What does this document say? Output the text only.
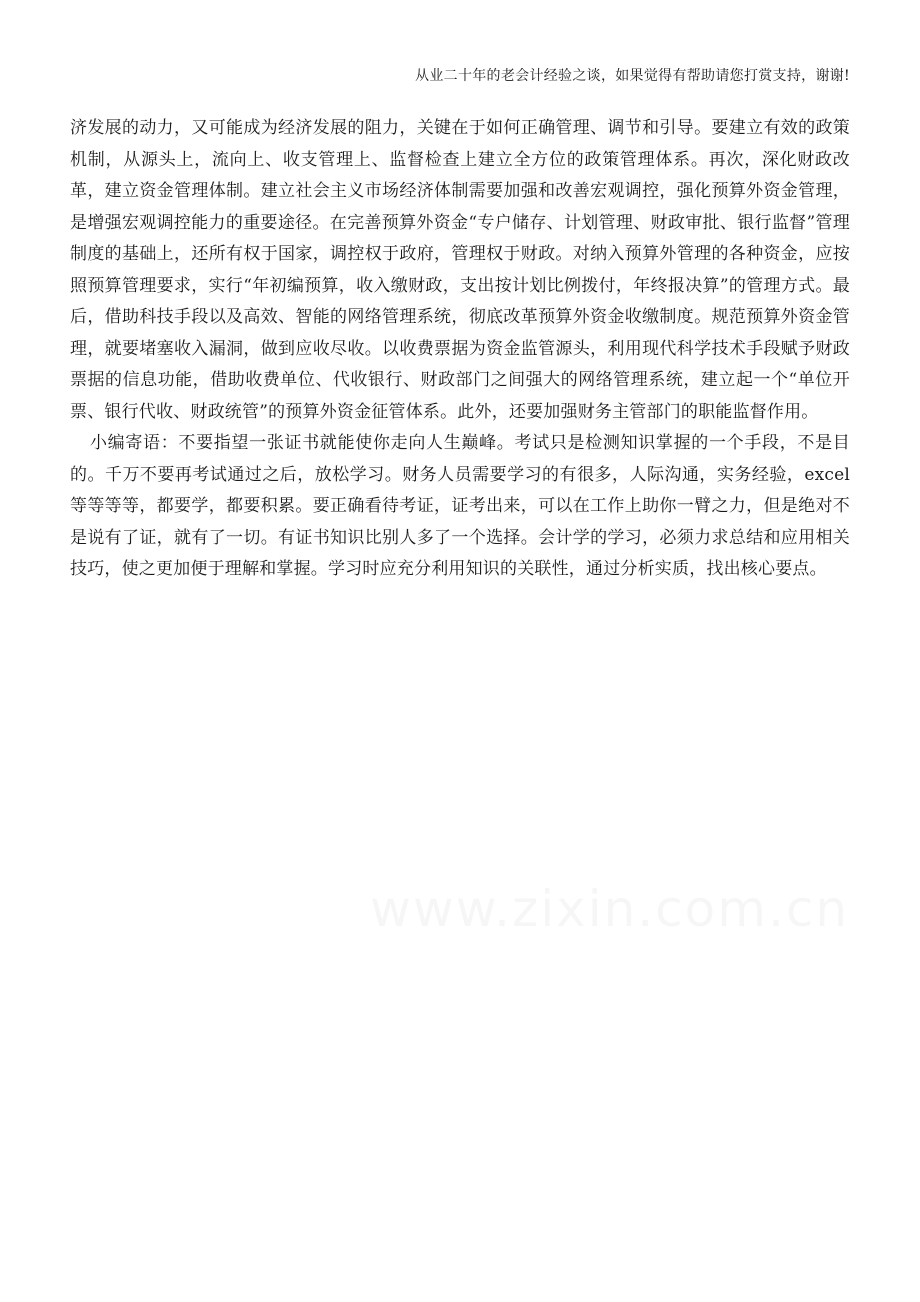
从业二十年的老会计经验之谈，如果觉得有帮助请您打赏支持，谢谢!

济发展的动力，又可能成为经济发展的阻力，关键在于如何正确管理、调节和引导。要建立有效的政策机制，从源头上，流向上、收支管理上、监督检查上建立全方位的政策管理体系。再次，深化财政改革，建立资金管理体制。建立社会主义市场经济体制需要加强和改善宏观调控，强化预算外资金管理，是增强宏观调控能力的重要途径。在完善预算外资金“专户储存、计划管理、财政审批、银行监督”管理制度的基础上，还所有权于国家，调控权于政府，管理权于财政。对纳入预算外管理的各种资金，应按照预算管理要求，实行“年初编预算，收入缴财政，支出按计划比例拨付，年终报决算”的管理方式。最后，借助科技手段以及高效、智能的网络管理系统，彻底改革预算外资金收缴制度。规范预算外资金管理，就要堵塞收入漏洞，做到应收尽收。以收费票据为资金监管源头，利用现代科学技术手段赋予财政票据的信息功能，借助收费单位、代收银行、财政部门之间强大的网络管理系统，建立起一个“单位开票、银行代收、财政统管”的预算外资金征管体系。此外，还要加强财务主管部门的职能监督作用。

小编寄语：不要指望一张证书就能使你走向人生巅峰。考试只是检测知识掌握的一个手段，不是目的。千万不要再考试通过之后，放松学习。财务人员需要学习的有很多，人际沟通，实务经验，excel 等等等等，都要学，都要积累。要正确看待考证，证考出来，可以在工作上助你一臂之力，但是绝对不是说有了证，就有了一切。有证书知识比别人多了一个选择。会计学的学习，必须力求总结和应用相关技巧，使之更加便于理解和掌握。学习时应充分利用知识的关联性，通过分析实质，找出核心要点。
